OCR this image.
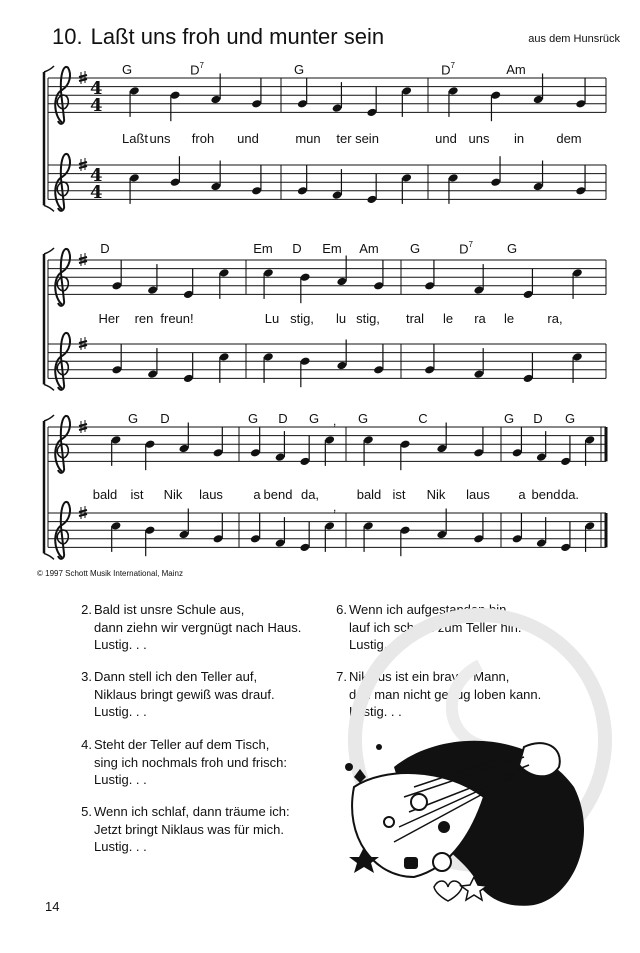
10. Laßt uns froh und munter sein	aus dem Hunsrück
4
4
4
4
,
,
G	$D^7$	G	$D^7$	Am
D	Em D Em Am G	$D^7$	G
G D	G D G	G	C	G D G
Laßt uns froh und	mun ter sein	und uns in dem
Her ren freun!	Lu stig, lu stig, tral le ra le	ra,
bald ist Nik laus a bend da,	bald ist Nik laus a bend da.
© 1997 Schott Musik International, Mainz
2. Bald ist unsre Schule aus,
dann ziehn wir vergnügt nach Haus.
Lustig. . .
3. Dann stell ich den Teller auf,
Niklaus bringt gewiß was drauf.
Lustig. . .
4. Steht der Teller auf dem Tisch,
sing ich nochmals froh und frisch:
Lustig. . .
5. Wenn ich schlaf, dann träume ich:
Jetzt bringt Niklaus was für mich.
Lustig. . .
6. Wenn ich aufgestanden bin,
lauf ich schnell zum Teller hin.
Lustig. . .
7. Niklaus ist ein braver Mann,
den man nicht genug loben kann.
Lustig. . .
14
